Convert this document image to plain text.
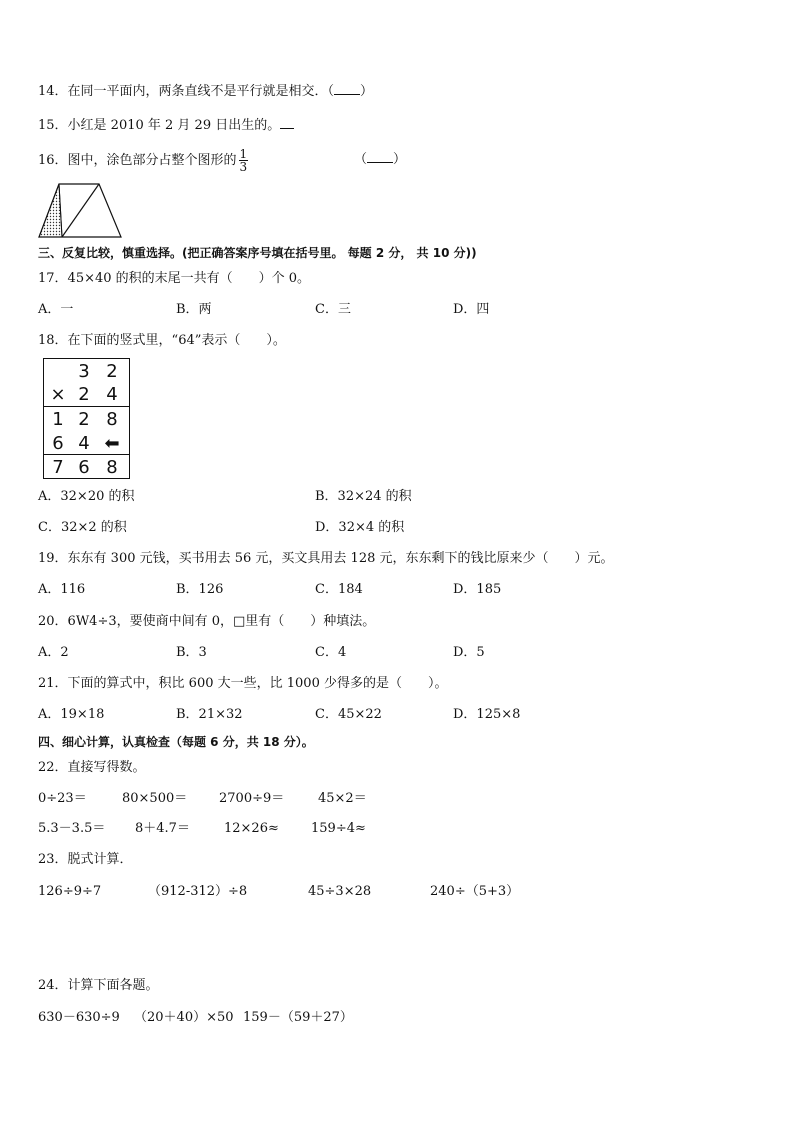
14．在同一平面内，两条直线不是平行就是相交．（ ）
15．小红是 2010 年 2 月 29 日出生的。
16．图中，涂色部分占整个图形的 $\frac{1}{3}$	（ ）
三、反复比较，慎重选择。(把正确答案序号填在括号里。 每题 2 分， 共 10 分))
17．45×40 的积的末尾一共有（　　）个 0。
A．一	B．两	C．三	D．四
18．在下面的竖式里，“64”表示（　　）。
3 2
× 2 4
1 2 8
6 4 ⬅
7 6 8
A．32×20 的积	B．32×24 的积
C．32×2 的积	D．32×4 的积
19．东东有 300 元钱，买书用去 56 元，买文具用去 128 元，东东剩下的钱比原来少（　　）元。
A．116	B．126	C．184	D．185
20．6W4÷3，要使商中间有 0，□里有（　　）种填法。
A．2	B．3	C．4	D．5
21．下面的算式中，积比 600 大一些，比 1000 少得多的是（　　）。
A．19×18	B．21×32	C．45×22	D．125×8
四、细心计算，认真检查（每题 6 分，共 18 分）。
22．直接写得数。
0÷23＝	80×500＝ 2700÷9＝	45×2＝
5.3－3.5＝ 8＋4.7＝	12×26≈ 159÷4≈
23．脱式计算．
126÷9÷7	（912-312）÷8	45÷3×28	240÷（5+3）
24．计算下面各题。
630－630÷9 （20＋40）×50 159－（59＋27）
